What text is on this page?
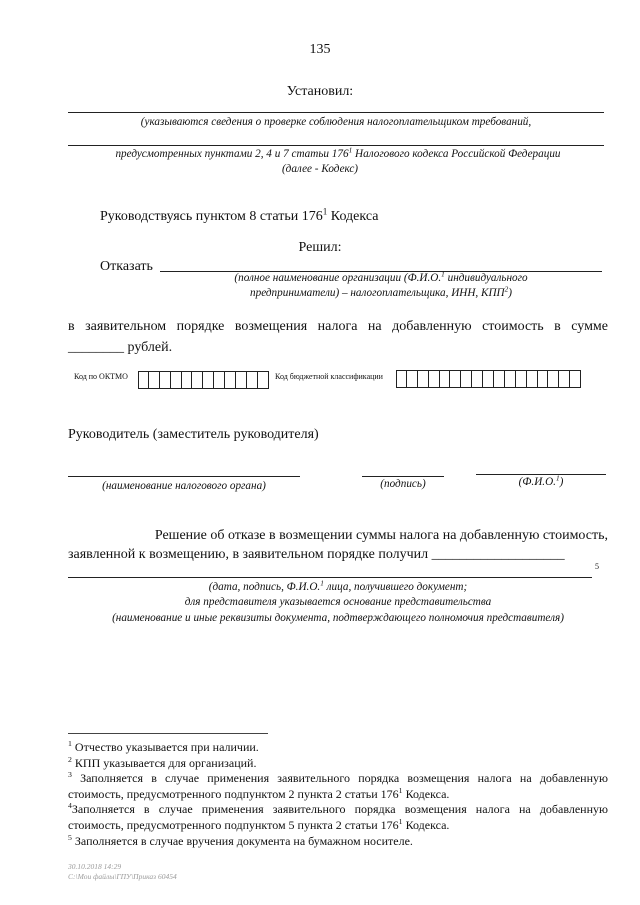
135
Установил:
(указываются сведения о проверке соблюдения налогоплательщиком требований,
предусмотренных пунктами 2, 4 и 7 статьи $176^1$ Налогового кодекса Российской Федерации
(далее - Кодекс)
Руководствуясь пунктом 8 статьи $176^1$ Кодекса
Решил:
Отказать
(полное наименование организации (Ф.И.О.$^1$ индивидуального
предприниматели) – налогоплательщика, ИНН, КПП$^2$)
в заявительном порядке возмещения налога на добавленную стоимость в сумме
________ рублей.
Код по ОКТМО	Код бюджетной классификации
Руководитель (заместитель руководителя)
(наименование налогового органа)	(подпись)	(Ф.И.О.$^1$)
Решение об отказе в возмещении суммы налога на добавленную стоимость,
заявленной к возмещению, в заявительном порядке получил ___________________
5
(дата, подпись, Ф.И.О.$^1$ лица, получившего документ;
для представителя указывается основание представительства
(наименование и иные реквизиты документа, подтверждающего полномочия представителя)
$^1$ Отчество указывается при наличии.
$^2$ КПП указывается для организаций.
$^3$ Заполняется в случае применения заявительного порядка возмещения налога на добавленную
стоимость, предусмотренного подпунктом 2 пункта 2 статьи $176^1$ Кодекса.
$^4$Заполняется в случае применения заявительного порядка возмещения налога на добавленную
стоимость, предусмотренного подпунктом 5 пункта 2 статьи $176^1$ Кодекса.
$^5$ Заполняется в случае вручения документа на бумажном носителе.
30.10.2018 14:29
С:\Мои файлы\ГПУ\Приказ 60454
